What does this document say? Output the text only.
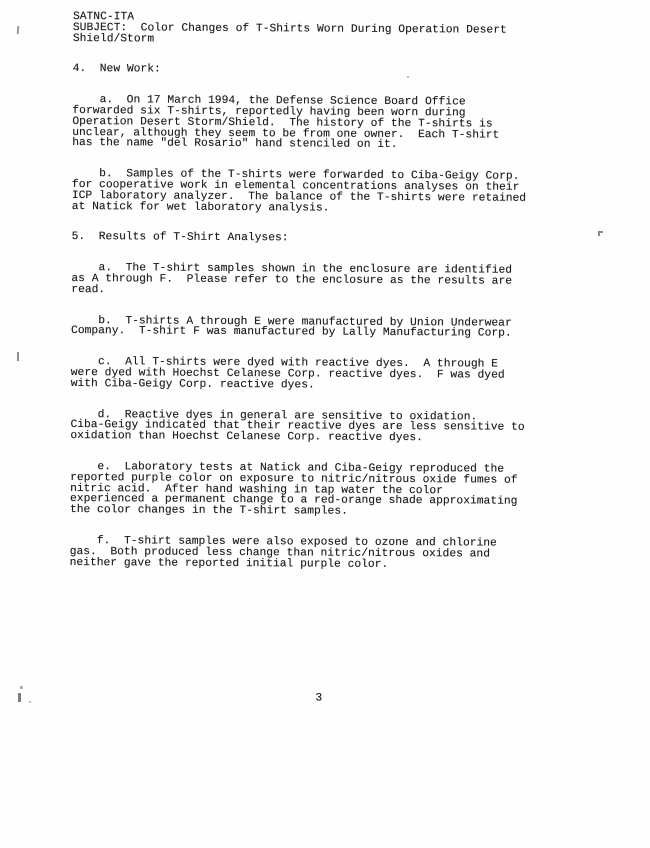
SATNC-ITA
SUBJECT:  Color Changes of T-Shirts Worn During Operation Desert
Shield/Storm
4.  New Work:
a.  On 17 March 1994, the Defense Science Board Office
forwarded six T-shirts, reportedly having been worn during
Operation Desert Storm/Shield.  The history of the T-shirts is
unclear, although they seem to be from one owner.  Each T-shirt
has the name "del Rosario" hand stenciled on it.
b.  Samples of the T-shirts were forwarded to Ciba-Geigy Corp.
for cooperative work in elemental concentrations analyses on their
ICP laboratory analyzer.  The balance of the T-shirts were retained
at Natick for wet laboratory analysis.
5.  Results of T-Shirt Analyses:
a.  The T-shirt samples shown in the enclosure are identified
as A through F.  Please refer to the enclosure as the results are
read.
b.  T-shirts A through E were manufactured by Union Underwear
Company.  T-shirt F was manufactured by Lally Manufacturing Corp.
c.  All T-shirts were dyed with reactive dyes.  A through E
were dyed with Hoechst Celanese Corp. reactive dyes.  F was dyed
with Ciba-Geigy Corp. reactive dyes.
d.  Reactive dyes in general are sensitive to oxidation.
Ciba-Geigy indicated that their reactive dyes are less sensitive to
oxidation than Hoechst Celanese Corp. reactive dyes.
e.  Laboratory tests at Natick and Ciba-Geigy reproduced the
reported purple color on exposure to nitric/nitrous oxide fumes of
nitric acid.  After hand washing in tap water the color
experienced a permanent change to a red-orange shade approximating
the color changes in the T-shirt samples.
f.  T-shirt samples were also exposed to ozone and chlorine
gas.  Both produced less change than nitric/nitrous oxides and
neither gave the reported initial purple color.
3
